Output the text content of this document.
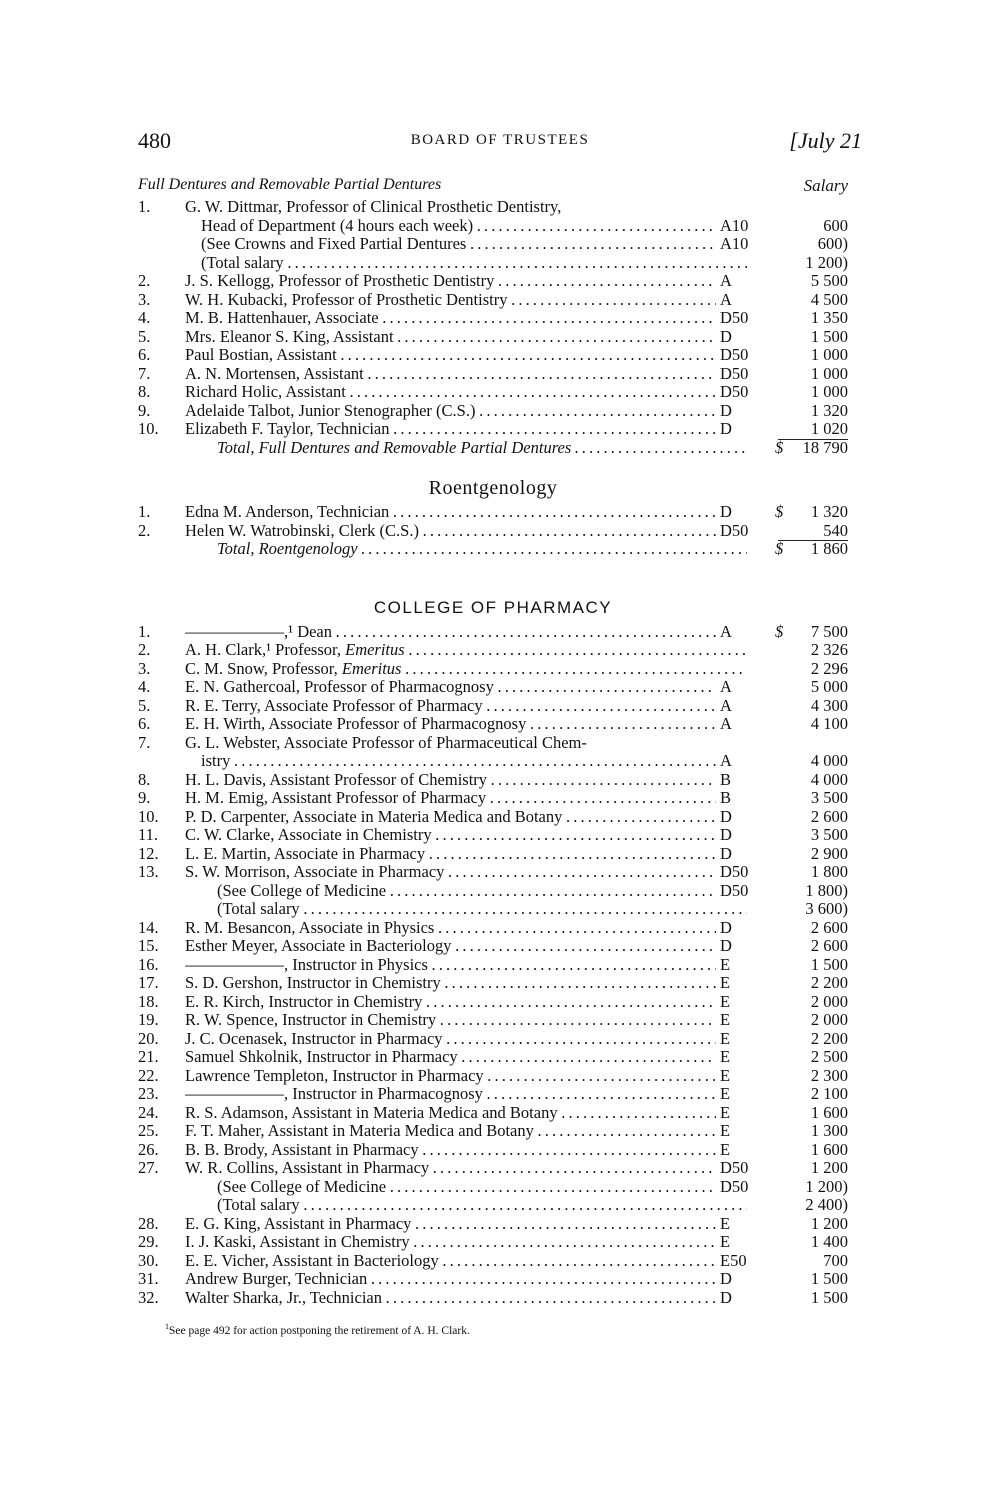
480	BOARD OF TRUSTEES	[July 21
Full Dentures and Removable Partial Dentures	Salary
1.	G. W. Dittmar, Professor of Clinical Prosthetic Dentistry,
Head of Department (4 hours each week) . . .	A10	600
(See Crowns and Fixed Partial Dentures . . .	A10	600)
(Total salary . . .	1 200)
2.	J. S. Kellogg, Professor of Prosthetic Dentistry . . .	A	5 500
3.	W. H. Kubacki, Professor of Prosthetic Dentistry . . .	A	4 500
4.	M. B. Hattenhauer, Associate . . .	D50	1 350
5.	Mrs. Eleanor S. King, Assistant . . .	D	1 500
6.	Paul Bostian, Assistant . . .	D50	1 000
7.	A. N. Mortensen, Assistant . . .	D50	1 000
8.	Richard Holic, Assistant . . .	D50	1 000
9.	Adelaide Talbot, Junior Stenographer (C.S.) . . .	D	1 320
10.	Elizabeth F. Taylor, Technician . . .	D	1 020
Total, Full Dentures and Removable Partial Dentures . . .	$	18 790
Roentgenology
1.	Edna M. Anderson, Technician . . .	D	$	1 320
2.	Helen W. Watrobinski, Clerk (C.S.) . . .	D50	540
Total, Roentgenology . . .	$	1 860
COLLEGE OF PHARMACY
1.	——————,¹ Dean . . .	A	$	7 500
2.	A. H. Clark,¹ Professor, Emeritus . . .	2 326
3.	C. M. Snow, Professor, Emeritus . . .	2 296
4.	E. N. Gathercoal, Professor of Pharmacognosy . . .	A	5 000
5.	R. E. Terry, Associate Professor of Pharmacy . . .	A	4 300
6.	E. H. Wirth, Associate Professor of Pharmacognosy . . .	A	4 100
7.	G. L. Webster, Associate Professor of Pharmaceutical Chem-
istry . . .	A	4 000
8.	H. L. Davis, Assistant Professor of Chemistry . . .	B	4 000
9.	H. M. Emig, Assistant Professor of Pharmacy . . .	B	3 500
10.	P. D. Carpenter, Associate in Materia Medica and Botany . . .	D	2 600
11.	C. W. Clarke, Associate in Chemistry . . .	D	3 500
12.	L. E. Martin, Associate in Pharmacy . . .	D	2 900
13.	S. W. Morrison, Associate in Pharmacy . . .	D50	1 800
(See College of Medicine . . .	D50	1 800)
(Total salary . . .	3 600)
14.	R. M. Besancon, Associate in Physics . . .	D	2 600
15.	Esther Meyer, Associate in Bacteriology . . .	D	2 600
16.	——————, Instructor in Physics . . .	E	1 500
17.	S. D. Gershon, Instructor in Chemistry . . .	E	2 200
18.	E. R. Kirch, Instructor in Chemistry . . .	E	2 000
19.	R. W. Spence, Instructor in Chemistry . . .	E	2 000
20.	J. C. Ocenasek, Instructor in Pharmacy . . .	E	2 200
21.	Samuel Shkolnik, Instructor in Pharmacy . . .	E	2 500
22.	Lawrence Templeton, Instructor in Pharmacy . . .	E	2 300
23.	——————, Instructor in Pharmacognosy . . .	E	2 100
24.	R. S. Adamson, Assistant in Materia Medica and Botany . . .	E	1 600
25.	F. T. Maher, Assistant in Materia Medica and Botany . . .	E	1 300
26.	B. B. Brody, Assistant in Pharmacy . . .	E	1 600
27.	W. R. Collins, Assistant in Pharmacy . . .	D50	1 200
(See College of Medicine . . .	D50	1 200)
(Total salary . . .	2 400)
28.	E. G. King, Assistant in Pharmacy . . .	E	1 200
29.	I. J. Kaski, Assistant in Chemistry . . .	E	1 400
30.	E. E. Vicher, Assistant in Bacteriology . . .	E50	700
31.	Andrew Burger, Technician . . .	D	1 500
32.	Walter Sharka, Jr., Technician . . .	D	1 500
$^1$See page 492 for action postponing the retirement of A. H. Clark.
